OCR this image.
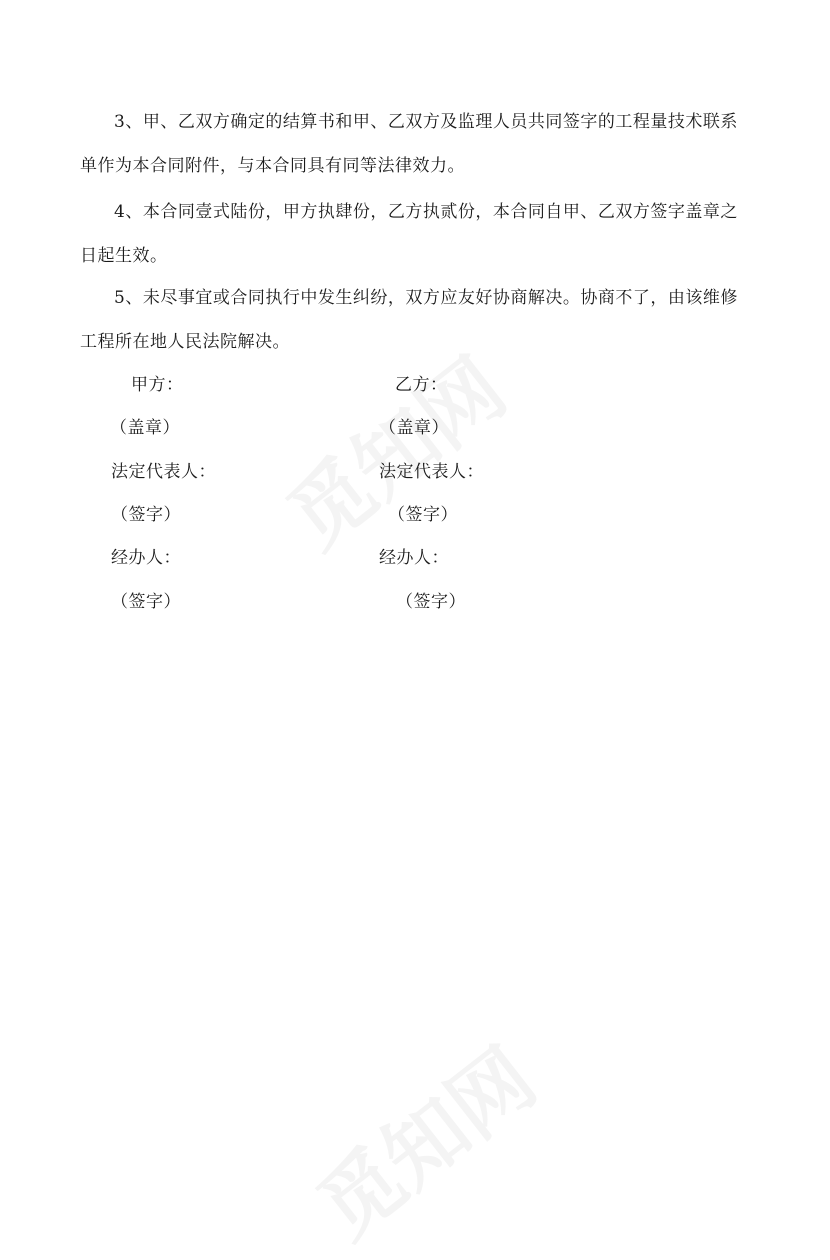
3、甲、乙双方确定的结算书和甲、乙双方及监理人员共同签字的工程量技术联系单作为本合同附件，与本合同具有同等法律效力。

4、本合同壹式陆份，甲方执肆份，乙方执贰份，本合同自甲、乙双方签字盖章之日起生效。

5、未尽事宜或合同执行中发生纠纷，双方应友好协商解决。协商不了，由该维修工程所在地人民法院解决。

甲方：
（盖章）
法定代表人：
（签字）
经办人：
（签字）
乙方：
（盖章）
法定代表人：
（签字）
经办人：
（签字）
